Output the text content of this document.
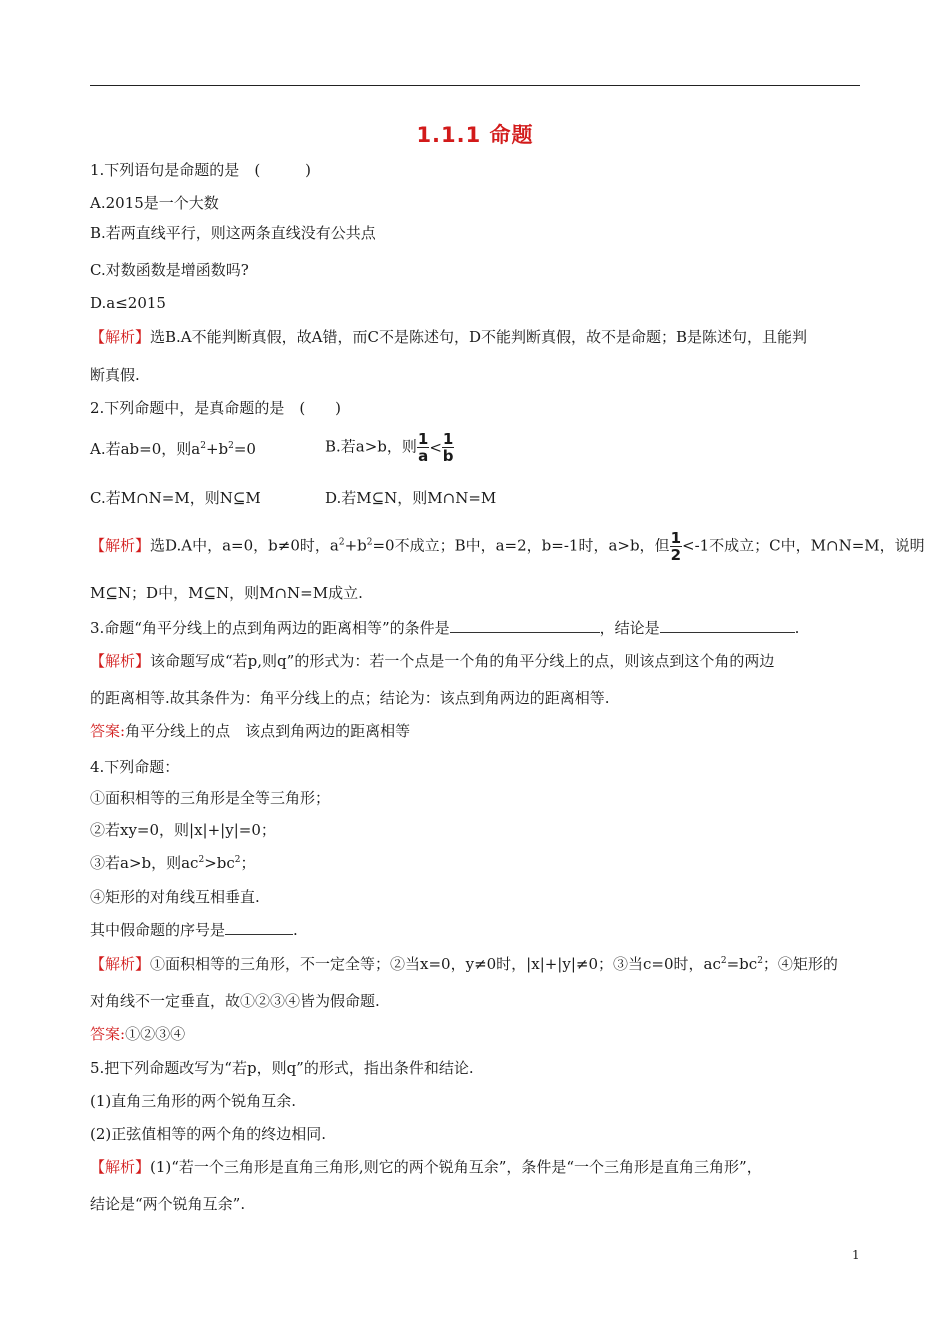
1.1.1 命题
1.下列语句是命题的是　(　　　)
A.2015是一个大数
B.若两直线平行，则这两条直线没有公共点
C.对数函数是增函数吗?
D.a≤2015
【解析】选B.A不能判断真假，故A错，而C不是陈述句，D不能判断真假，故不是命题；B是陈述句，且能判
断真假.
2.下列命题中，是真命题的是　(　　)
A.若ab=0，则$a^2+b^2=0$	B.若a>b，则 $\frac{1}{a} < \frac{1}{b}$
C.若M∩N=M，则N⊆M	D.若M⊆N，则M∩N=M
【解析】选D.A中，a=0，b≠0时，$a^2+b^2=0$不成立；B中，a=2，b=-1时，a>b，但 $\frac{1}{2} <-1$不成立；C中，M∩N=M，说明
M⊆N；D中，M⊆N，则M∩N=M成立.
3.命题“角平分线上的点到角两边的距离相等”的条件是	，结论是	.
【解析】该命题写成“若p,则q”的形式为：若一个点是一个角的角平分线上的点，则该点到这个角的两边
的距离相等.故其条件为：角平分线上的点；结论为：该点到角两边的距离相等.
答案:角平分线上的点　该点到角两边的距离相等
4.下列命题：
①面积相等的三角形是全等三角形；
②若xy=0，则|x|+|y|=0；
③若a>b，则$ac^2>bc^2$；
④矩形的对角线互相垂直.
其中假命题的序号是	.
【解析】①面积相等的三角形，不一定全等；②当x=0，y≠0时，|x|+|y|≠0；③当c=0时，$ac^2=bc^2$；④矩形的
对角线不一定垂直，故①②③④皆为假命题.
答案:①②③④
5.把下列命题改写为“若p，则q”的形式，指出条件和结论.
(1)直角三角形的两个锐角互余.
(2)正弦值相等的两个角的终边相同.
【解析】(1)“若一个三角形是直角三角形,则它的两个锐角互余”，条件是“一个三角形是直角三角形”，
结论是“两个锐角互余”.
1
